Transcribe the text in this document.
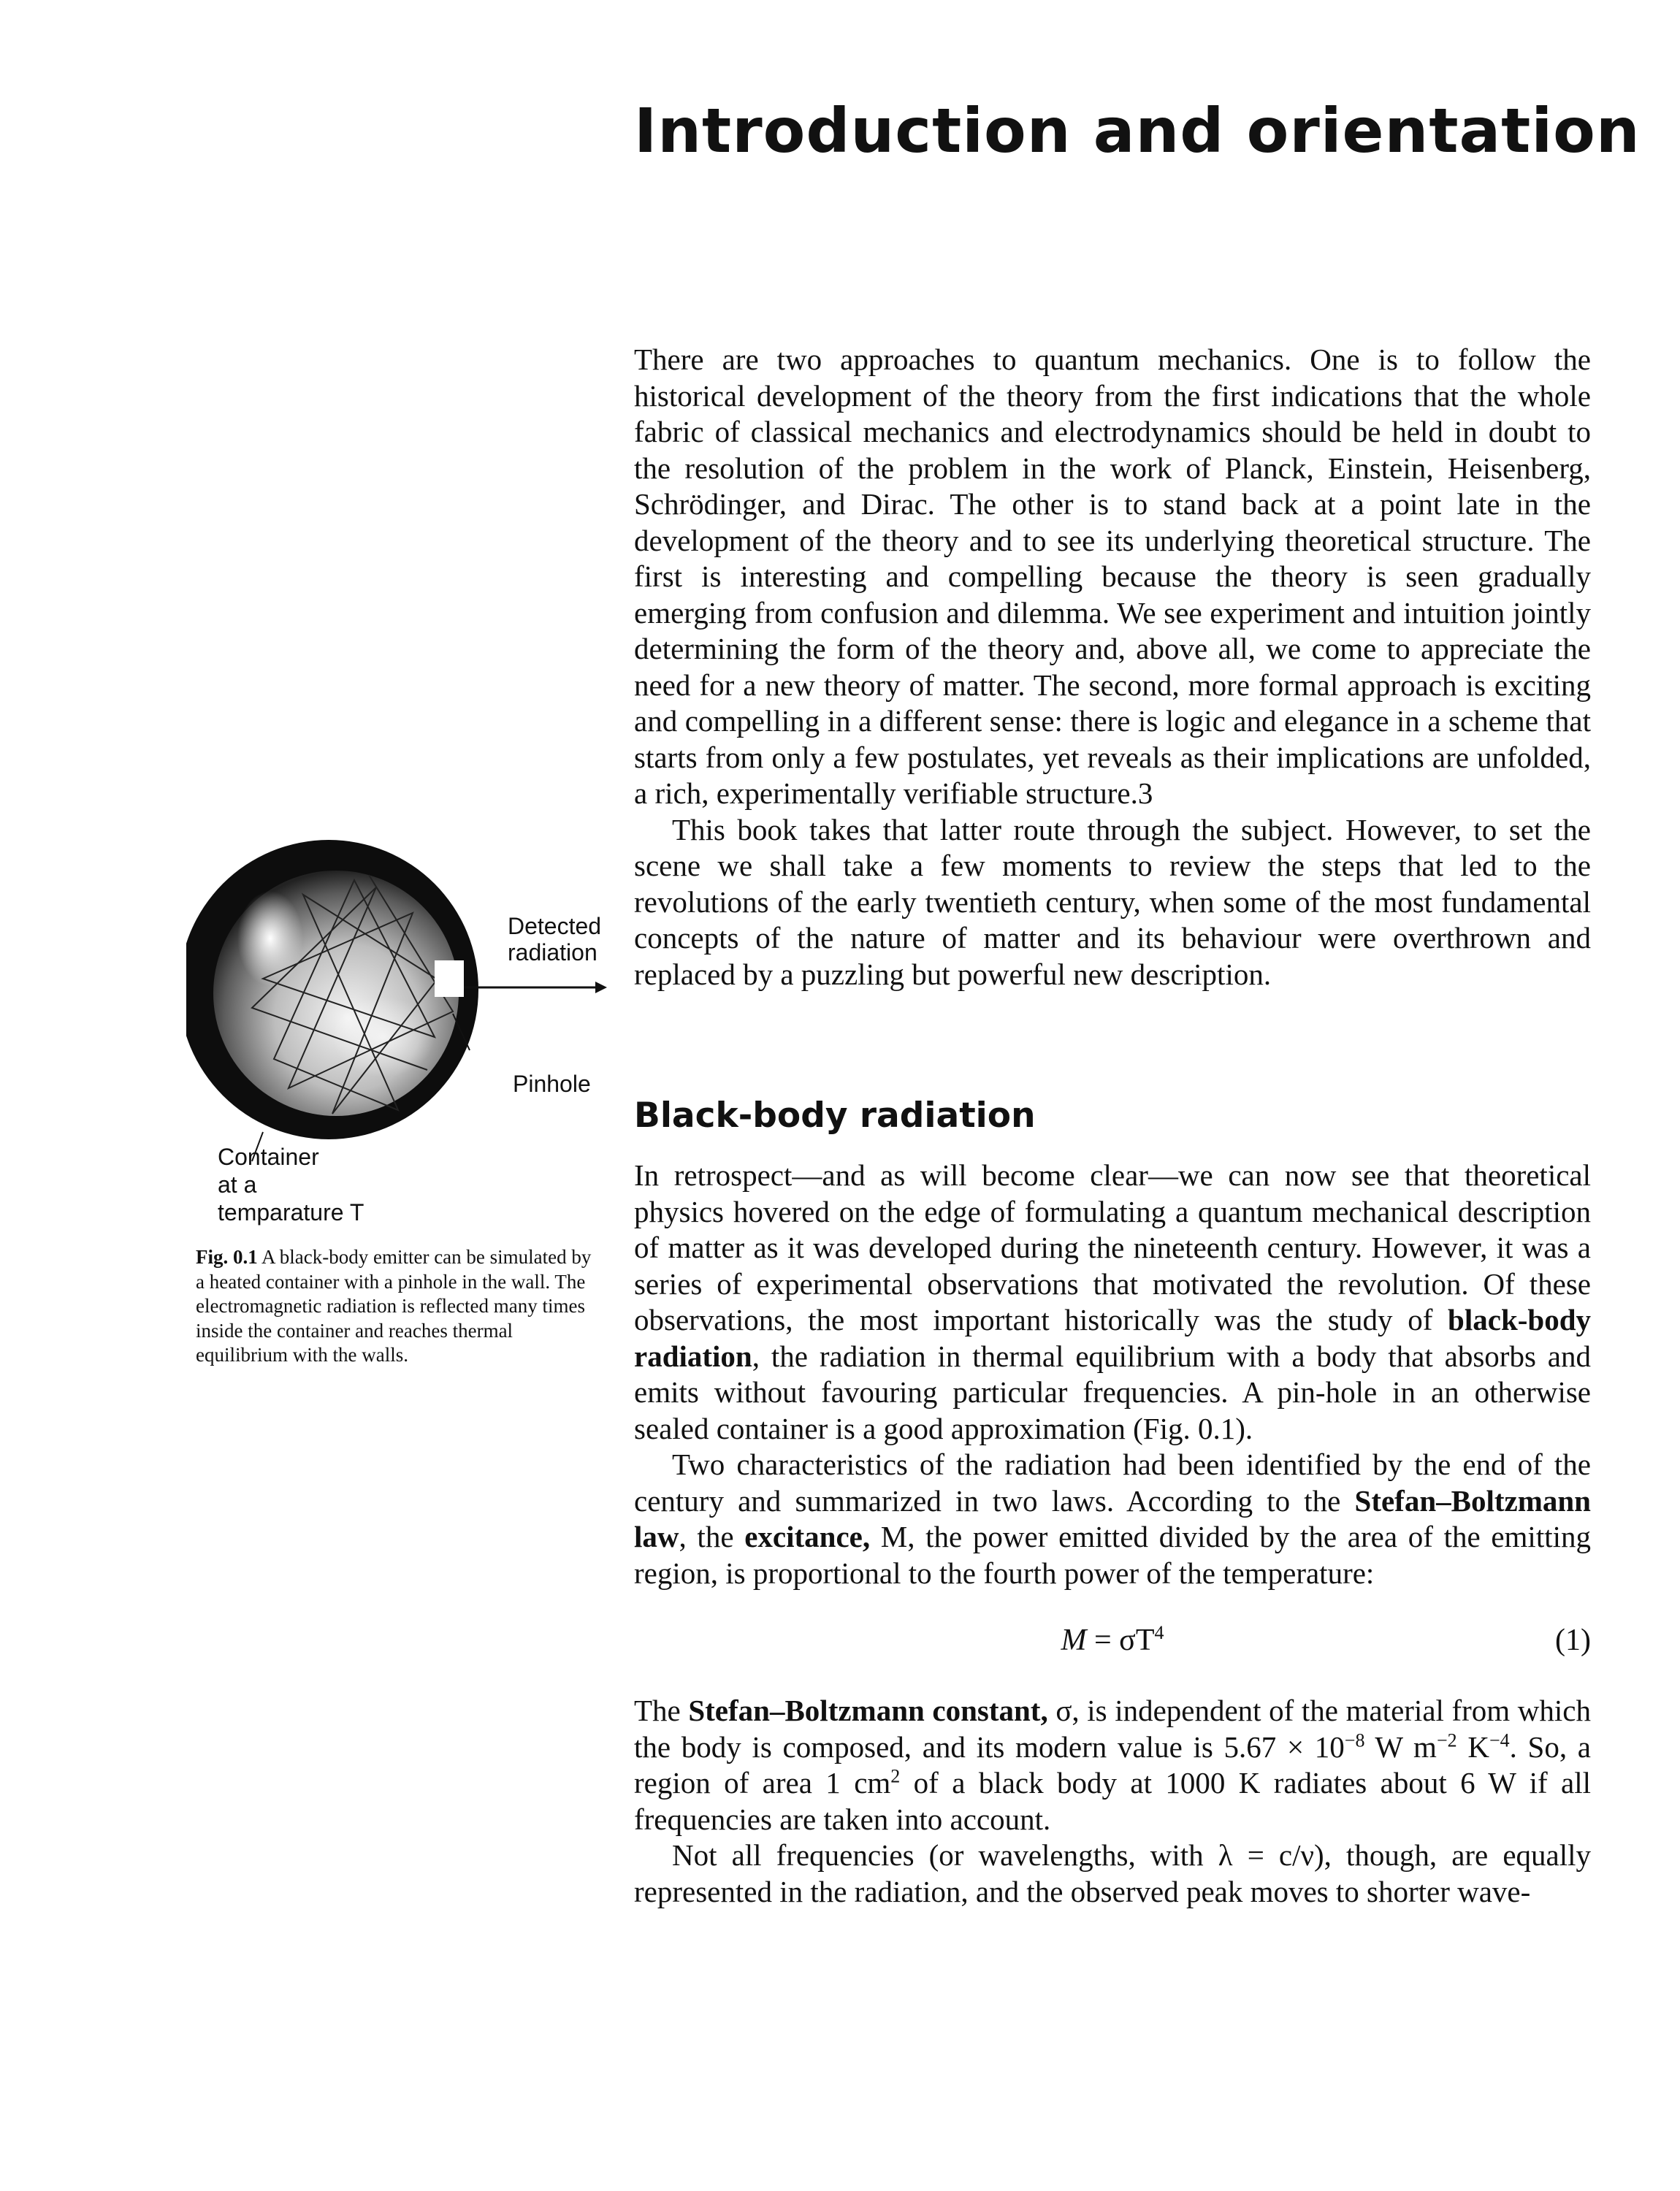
Introduction and orientation

There are two approaches to quantum mechanics. One is to follow the historical development of the theory from the first indications that the whole fabric of classical mechanics and electrodynamics should be held in doubt to the resolution of the problem in the work of Planck, Einstein, Heisenberg, Schrödinger, and Dirac. The other is to stand back at a point late in the development of the theory and to see its underlying theoretical structure. The first is interesting and compelling because the theory is seen gradually emerging from confusion and dilemma. We see experiment and intuition jointly determining the form of the theory and, above all, we come to appreciate the need for a new theory of matter. The second, more formal approach is exciting and compelling in a different sense: there is logic and elegance in a scheme that starts from only a few postulates, yet reveals as their implications are unfolded, a rich, experimentally verifiable structure.3

This book takes that latter route through the subject. However, to set the scene we shall take a few moments to review the steps that led to the revolutions of the early twentieth century, when some of the most fundamental concepts of the nature of matter and its behaviour were overthrown and replaced by a puzzling but powerful new description.

Black-body radiation

In retrospect—and as will become clear—we can now see that theoretical physics hovered on the edge of formulating a quantum mechanical description of matter as it was developed during the nineteenth century. However, it was a series of experimental observations that motivated the revolution. Of these observations, the most important historically was the study of black-body radiation, the radiation in thermal equilibrium with a body that absorbs and emits without favouring particular frequencies. A pin-hole in an otherwise sealed container is a good approximation (Fig. 0.1).

Two characteristics of the radiation had been identified by the end of the century and summarized in two laws. According to the Stefan–Boltzmann law, the excitance, M, the power emitted divided by the area of the emitting region, is proportional to the fourth power of the temperature:

$M = \sigma T^4$	(1)

The Stefan–Boltzmann constant, σ, is independent of the material from which the body is composed, and its modern value is $5.67 \times 10^{-8}$ W $m^{-2}$ $K^{-4}$. So, a region of area 1 $cm^2$ of a black body at 1000 K radiates about 6 W if all frequencies are taken into account.

Not all frequencies (or wavelengths, with λ = c/ν), though, are equally represented in the radiation, and the observed peak moves to shorter wave-

Detected
radiation
Pinhole
Container
at a
temparature T
Fig. 0.1 A black-body emitter can be simulated by a heated container with a pinhole in the wall. The electromagnetic radiation is reflected many times inside the container and reaches thermal equilibrium with the walls.
